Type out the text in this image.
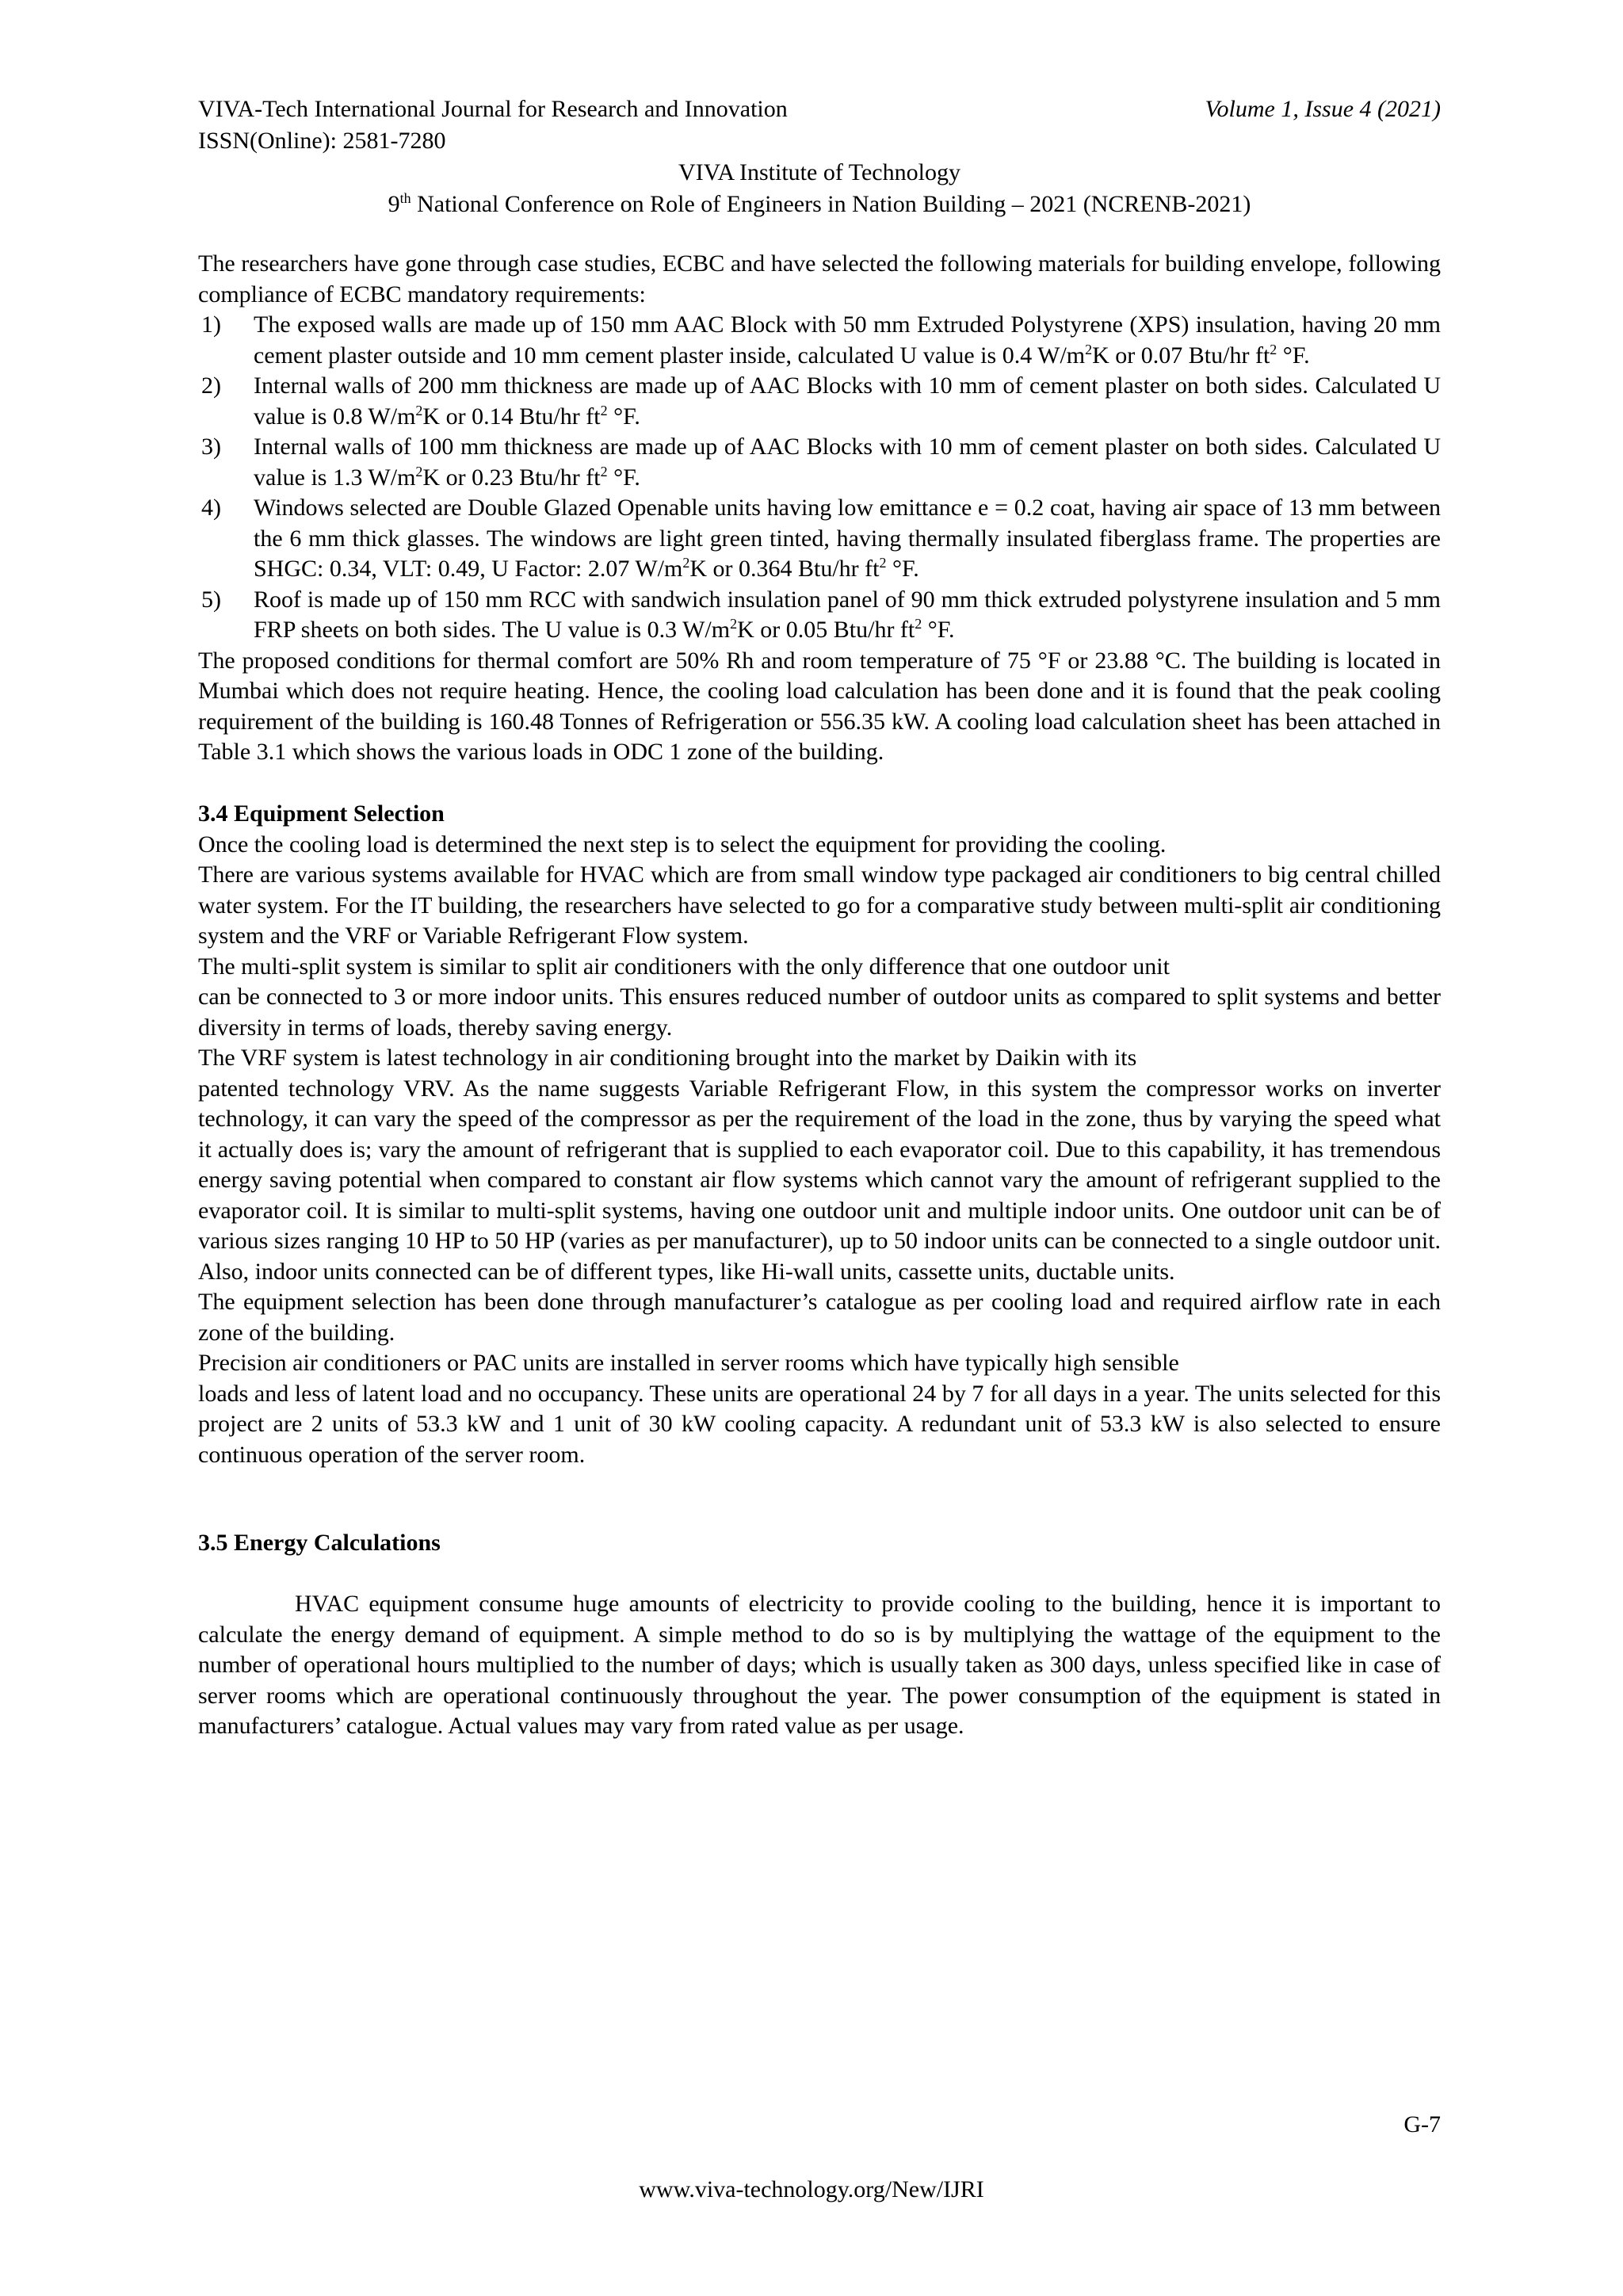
VIVA-Tech International Journal for Research and Innovation	Volume 1, Issue 4 (2021)
ISSN(Online): 2581-7280
VIVA Institute of Technology
9th National Conference on Role of Engineers in Nation Building – 2021 (NCRENB-2021)

The researchers have gone through case studies, ECBC and have selected the following materials for building envelope, following compliance of ECBC mandatory requirements:

1) The exposed walls are made up of 150 mm AAC Block with 50 mm Extruded Polystyrene (XPS) insulation, having 20 mm cement plaster outside and 10 mm cement plaster inside, calculated U value is 0.4 $W/m^2K$ or 0.07 Btu/hr $ft^2$ °F.
2) Internal walls of 200 mm thickness are made up of AAC Blocks with 10 mm of cement plaster on both sides. Calculated U value is 0.8 $W/m^2K$ or 0.14 Btu/hr $ft^2$ °F.
3) Internal walls of 100 mm thickness are made up of AAC Blocks with 10 mm of cement plaster on both sides. Calculated U value is 1.3 $W/m^2K$ or 0.23 Btu/hr $ft^2$ °F.
4) Windows selected are Double Glazed Openable units having low emittance e = 0.2 coat, having air space of 13 mm between the 6 mm thick glasses. The windows are light green tinted, having thermally insulated fiberglass frame. The properties are SHGC: 0.34, VLT: 0.49, U Factor: 2.07 $W/m^2K$ or 0.364 Btu/hr $ft^2$ °F.
5) Roof is made up of 150 mm RCC with sandwich insulation panel of 90 mm thick extruded polystyrene insulation and 5 mm FRP sheets on both sides. The U value is 0.3 $W/m^2K$ or 0.05 Btu/hr $ft^2$ °F.

The proposed conditions for thermal comfort are 50% Rh and room temperature of 75 °F or 23.88 °C. The building is located in Mumbai which does not require heating. Hence, the cooling load calculation has been done and it is found that the peak cooling requirement of the building is 160.48 Tonnes of Refrigeration or 556.35 kW. A cooling load calculation sheet has been attached in Table 3.1 which shows the various loads in ODC 1 zone of the building.

3.4 Equipment Selection

Once the cooling load is determined the next step is to select the equipment for providing the cooling.

There are various systems available for HVAC which are from small window type packaged air conditioners to big central chilled water system. For the IT building, the researchers have selected to go for a comparative study between multi-split air conditioning system and the VRF or Variable Refrigerant Flow system.

The multi-split system is similar to split air conditioners with the only difference that one outdoor unit

can be connected to 3 or more indoor units. This ensures reduced number of outdoor units as compared to split systems and better diversity in terms of loads, thereby saving energy.

The VRF system is latest technology in air conditioning brought into the market by Daikin with its

patented technology VRV. As the name suggests Variable Refrigerant Flow, in this system the compressor works on inverter technology, it can vary the speed of the compressor as per the requirement of the load in the zone, thus by varying the speed what it actually does is; vary the amount of refrigerant that is supplied to each evaporator coil. Due to this capability, it has tremendous energy saving potential when compared to constant air flow systems which cannot vary the amount of refrigerant supplied to the evaporator coil. It is similar to multi-split systems, having one outdoor unit and multiple indoor units. One outdoor unit can be of various sizes ranging 10 HP to 50 HP (varies as per manufacturer), up to 50 indoor units can be connected to a single outdoor unit. Also, indoor units connected can be of different types, like Hi-wall units, cassette units, ductable units.

The equipment selection has been done through manufacturer’s catalogue as per cooling load and required airflow rate in each zone of the building.

Precision air conditioners or PAC units are installed in server rooms which have typically high sensible

loads and less of latent load and no occupancy. These units are operational 24 by 7 for all days in a year. The units selected for this project are 2 units of 53.3 kW and 1 unit of 30 kW cooling capacity. A redundant unit of 53.3 kW is also selected to ensure continuous operation of the server room.

3.5 Energy Calculations

HVAC equipment consume huge amounts of electricity to provide cooling to the building, hence it is important to calculate the energy demand of equipment. A simple method to do so is by multiplying the wattage of the equipment to the number of operational hours multiplied to the number of days; which is usually taken as 300 days, unless specified like in case of server rooms which are operational continuously throughout the year. The power consumption of the equipment is stated in manufacturers’ catalogue. Actual values may vary from rated value as per usage.

G-7
www.viva-technology.org/New/IJRI
